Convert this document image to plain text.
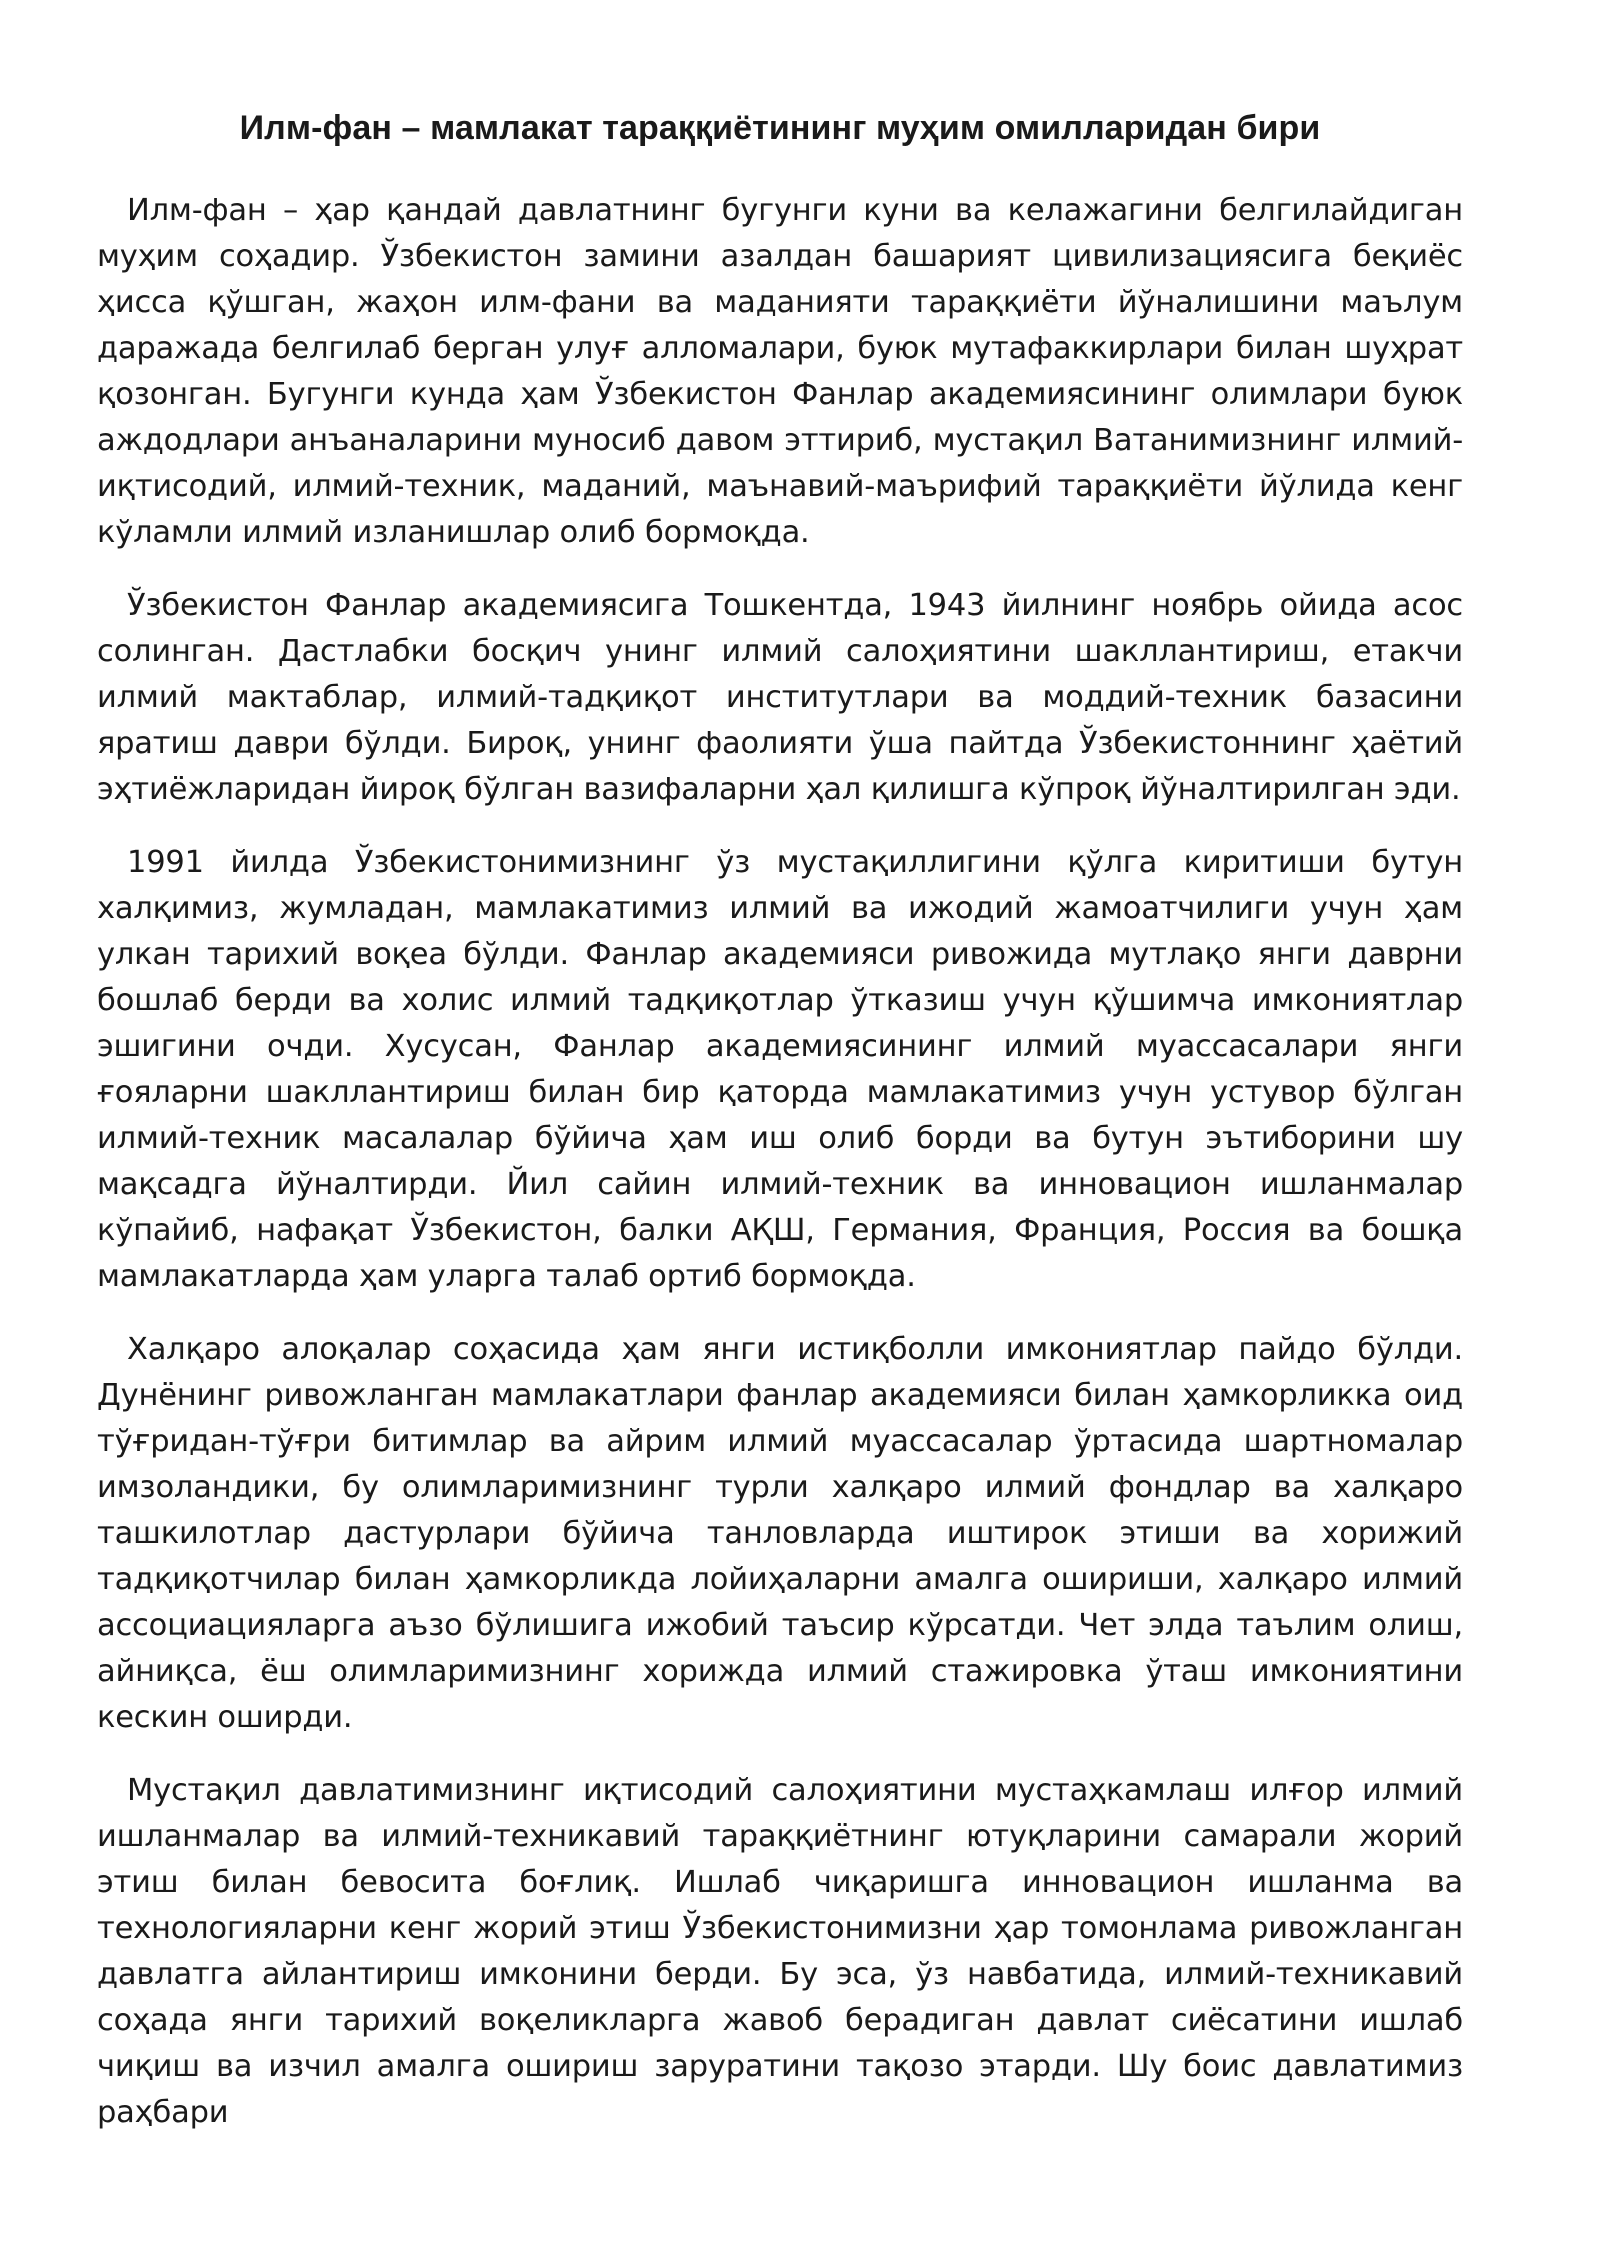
Илм-фан – мамлакат тараққиётининг муҳим омилларидан бири

Илм-фан – ҳар қандай давлатнинг бугунги куни ва келажагини белгилайдиган муҳим соҳадир. Ўзбекистон замини азалдан башарият цивилизациясига беқиёс ҳисса қўшган, жаҳон илм-фани ва маданияти тараққиёти йўналишини маълум даражада белгилаб берган улуғ алломалари, буюк мутафаккирлари билан шуҳрат қозонган. Бугунги кунда ҳам Ўзбекистон Фанлар академиясининг олимлари буюк аждодлари анъаналарини муносиб давом эттириб, мустақил Ватанимизнинг илмий-иқтисодий, илмий-техник, маданий, маънавий-маърифий тараққиёти йўлида кенг кўламли илмий изланишлар олиб бормоқда.

Ўзбекистон Фанлар академиясига Тошкентда, 1943 йилнинг ноябрь ойида асос солинган. Дастлабки босқич унинг илмий салоҳиятини шакллантириш, етакчи илмий мактаблар, илмий-тадқиқот институтлари ва моддий-техник базасини яратиш даври бўлди. Бироқ, унинг фаолияти ўша пайтда Ўзбекистоннинг ҳаётий эҳтиёжларидан йироқ бўлган вазифаларни ҳал қилишга кўпроқ йўналтирилган эди.

1991 йилда Ўзбекистонимизнинг ўз мустақиллигини қўлга киритиши бутун халқимиз, жумладан, мамлакатимиз илмий ва ижодий жамоатчилиги учун ҳам улкан тарихий воқеа бўлди. Фанлар академияси ривожида мутлақо янги даврни бошлаб берди ва холис илмий тадқиқотлар ўтказиш учун қўшимча имкониятлар эшигини очди. Хусусан, Фанлар академиясининг илмий муассасалари янги ғояларни шакллантириш билан бир қаторда мамлакатимиз учун устувор бўлган илмий-техник масалалар бўйича ҳам иш олиб борди ва бутун эътиборини шу мақсадга йўналтирди. Йил сайин илмий-техник ва инновацион ишланмалар кўпайиб, нафақат Ўзбекистон, балки АҚШ, Германия, Франция, Россия ва бошқа мамлакатларда ҳам уларга талаб ортиб бормоқда.

Халқаро алоқалар соҳасида ҳам янги истиқболли имкониятлар пайдо бўлди. Дунёнинг ривожланган мамлакатлари фанлар академияси билан ҳамкорликка оид тўғридан-тўғри битимлар ва айрим илмий муассасалар ўртасида шартномалар имзоландики, бу олимларимизнинг турли халқаро илмий фондлар ва халқаро ташкилотлар дастурлари бўйича танловларда иштирок этиши ва хорижий тадқиқотчилар билан ҳамкорликда лойиҳаларни амалга ошириши, халқаро илмий ассоциацияларга аъзо бўлишига ижобий таъсир кўрсатди. Чет элда таълим олиш, айниқса, ёш олимларимизнинг хорижда илмий стажировка ўташ имкониятини кескин оширди.

Мустақил давлатимизнинг иқтисодий салоҳиятини мустаҳкамлаш илғор илмий ишланмалар ва илмий-техникавий тараққиётнинг ютуқларини самарали жорий этиш билан бевосита боғлиқ. Ишлаб чиқаришга инновацион ишланма ва технологияларни кенг жорий этиш Ўзбекистонимизни ҳар томонлама ривожланган давлатга айлантириш имконини берди. Бу эса, ўз навбатида, илмий-техникавий соҳада янги тарихий воқеликларга жавоб берадиган давлат сиёсатини ишлаб чиқиш ва изчил амалга ошириш заруратини тақозо этарди. Шу боис давлатимиз раҳбари
